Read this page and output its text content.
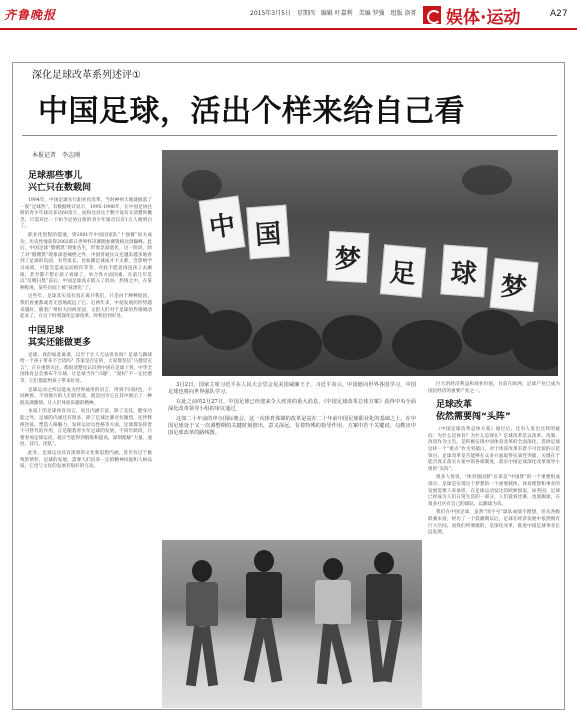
齐鲁晚报	2015年3月5日 星期四 编辑 叶嘉利 美编 罗强 组版 洛菁 娱体·运动	A27
深化足球改革系列述评①
中国足球，活出个样来给自己看
本报记者　李志刚
足球那些事儿
兴亡只在数载间

1994年，中国足球实行职业化改革，当时神州大地就掀起了一股“足球热”。有数据统计显示，1995-1996年，在中国足协注册的青少年球员多达60余万，而和这对这个数字没有太清楚的概念，只需对比一下如今足协注册的青少年球员仅有1万人便明白了。

职业化进程的提速，到2001年中国国家队“十强赛”宿关成功，历史性地获得2002韩日世界杯决赛圈参赛资格达到巅峰。此后，中国足球“假赌黑”现象丛生，形象急剧恶化，这一阶段，除了对“假赌黑”现象深恶痛绝之外，中国普通民众还越来越多地看到了足球的负面，有些家长。比如踢足球成才不太难，会影响学习成绩，可能会造成运动损伤等等，对此不愿意再送孩子去踢球，甚至都不想让孩子看球了，举合各方面因素，在前几年是以“反赌扫黑”前后，中国足球真正陷入了低谷，热情之中，在某种程度，某些层面上被“抹黑化”了。

这些年，足球其实没有真正离开我们，只是由于种种原因，我们看重都或者无意地疏远了它。近两年来，中超发展的形势越来越好，随着广州恒大同两亚冠、又把人们对于足球的热情调动起来了，在这个时刻深化足球改革，时机恰到好处。

中国足球
其实还能做更多

足球，真的如此离谱，以至于让人无法喜欢吗？足球与踢球给一个孩子带来不合适吗？答案是否定的，大家都坚信“马德里宣言”，正在重新关注，都很清楚也认识到中国在足球上曾，中华全国体育总会颁布不少球，让足球当作“兴趣”、“爱好”不一定比德等，它们都能给孩子带来好处。

足球运动之所以能成为世界通用的语言，得到不同肤色、不同种族、不同地方的人们的喜爱，就是因为它在其中展示了一种既充满激情、让人们体验乐趣的精神。

本质上的足球体育而言，而且内涵丰富，除了竞技，健身功能之外，足球的内涵还有很多，除了足球比赛对抗激烈，还伴释换热爱。塑造人格魅力、发挥运动员性格等方面，足球都发挥着不可替代的作用，正是随着青少年足球的发展，不同年龄段，只要参加足球运动，就应当能得到锻炼和提高，深刻理解“力量、速度、技巧、团队”。

此外，足球运动具有深刻的文化和思想内涵，甚至有过于极致的情怀，足球的发展，需要人们培养一定的精神风貌和人格品质，它也与文化的发展有很好的互动。

中 国
梦	足	球 梦

3月2日，国家主席习近平在人民大会堂会见美国威廉王子，习近平表示，中国愿向世界各国学习，中国足球也将向世界强队学习。

在此之前的2月27日，中国足球已经迎来令人欣喜的重大消息，《中国足球改革总体方案》获得中央全面深化改革领导小组的审议通过。

这如二十年前的申办国际奥会，这一次体育体制的改革是站在二十年前中国足球职业化的基础之上。在中国足球处于又一次调整期的关键时刻推出，意义深远，有着特殊的指导作用，方案中若干关键词，勾勒出中国足球改革的路线图。

巨大的经济利益和商业价值，目前在欧洲，足球产业已成为国民经济的重要产业之一。

足球改革
依然需要闯“头阵”

《中国足球改革总体方案》通过后，还有人发出这样的疑问：为什么是体育？为什么是现在？足球改革是以改革、改制、改进作为主旨，是积极实现中国体育改革的全面深化，选择足球这样一个“难点”作为突破口，对于体育改革有着不可比拟的示范效应。足球改革是否能够在众多方面取得实质性突破，关键在于能否真正落实方案中的各项制度，落实中国足球深化改革领导小组的“头阵”。

很多人曾说，“体育强国梦”应该是“中国梦”的一个重要组成部分，足球是实现这个梦想的一个重要载体，体育理想和事业的发展需要人来承担，在足球运动发达的欧洲国家，如英国、足球已经成为人们日常生活的一部分，人们爱看比赛，也爱踢球，在很多社区有自己的球队，以踢球为乐。

我们在中国足球，虽然“国字号”球队成绩不理想，但从各级联赛来看，经历了一个低潮期以后，足球在经济发展中依然拥有巨大空间，而我们所要做的，是深化改革，推进中国足球事业长远发展。
